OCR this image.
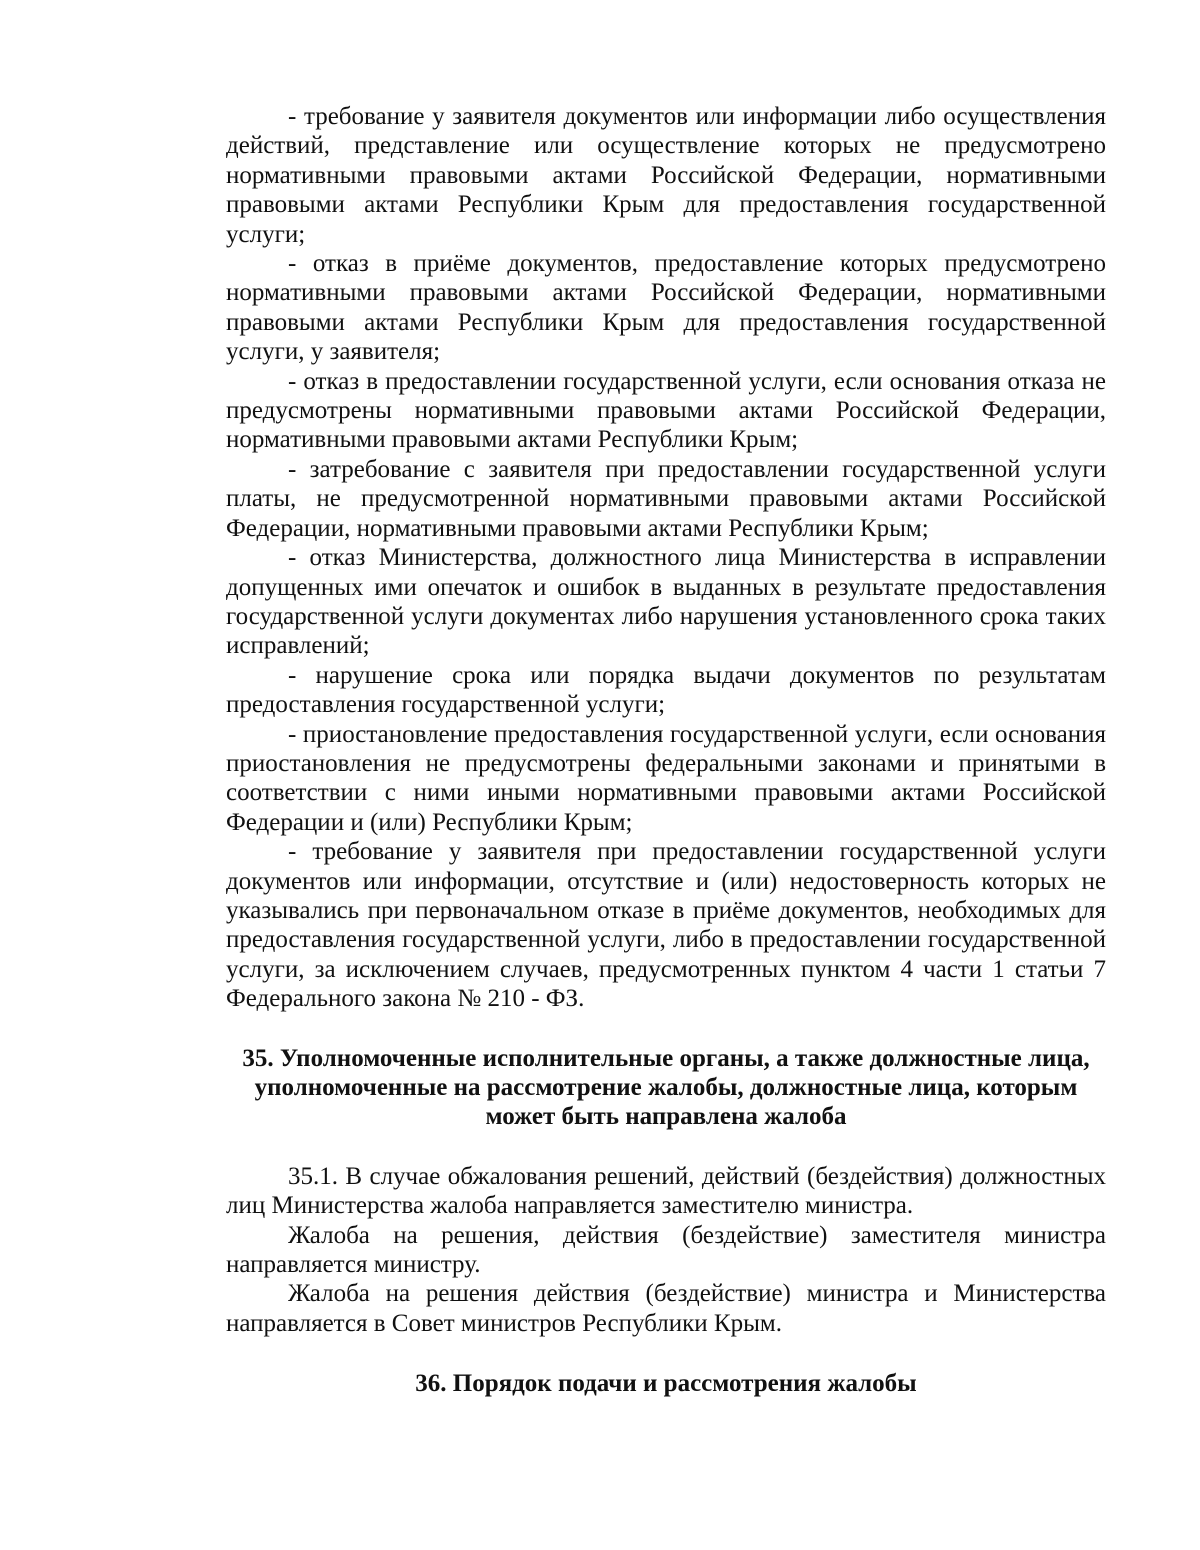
- требование у заявителя документов или информации либо осуществления действий, представление или осуществление которых не предусмотрено нормативными правовыми актами Российской Федерации, нормативными правовыми актами Республики Крым для предоставления государственной услуги;

- отказ в приёме документов, предоставление которых предусмотрено нормативными правовыми актами Российской Федерации, нормативными правовыми актами Республики Крым для предоставления государственной услуги, у заявителя;

- отказ в предоставлении государственной услуги, если основания отказа не предусмотрены нормативными правовыми актами Российской Федерации, нормативными правовыми актами Республики Крым;

- затребование с заявителя при предоставлении государственной услуги платы, не предусмотренной нормативными правовыми актами Российской Федерации, нормативными правовыми актами Республики Крым;

- отказ Министерства, должностного лица Министерства в исправлении допущенных ими опечаток и ошибок в выданных в результате предоставления государственной услуги документах либо нарушения установленного срока таких исправлений;

- нарушение срока или порядка выдачи документов по результатам предоставления государственной услуги;

- приостановление предоставления государственной услуги, если основания приостановления не предусмотрены федеральными законами и принятыми в соответствии с ними иными нормативными правовыми актами Российской Федерации и (или) Республики Крым;

- требование у заявителя при предоставлении государственной услуги документов или информации, отсутствие и (или) недостоверность которых не указывались при первоначальном отказе в приёме документов, необходимых для предоставления государственной услуги, либо в предоставлении государственной услуги, за исключением случаев, предусмотренных пунктом 4 части 1 статьи 7 Федерального закона № 210 - ФЗ.

35. Уполномоченные исполнительные органы, а также должностные лица, уполномоченные на рассмотрение жалобы, должностные лица, которым может быть направлена жалоба

35.1. В случае обжалования решений, действий (бездействия) должностных лиц Министерства жалоба направляется заместителю министра.

Жалоба на решения, действия (бездействие) заместителя министра направляется министру.

Жалоба на решения действия (бездействие) министра и Министерства направляется в Совет министров Республики Крым.

36. Порядок подачи и рассмотрения жалобы
